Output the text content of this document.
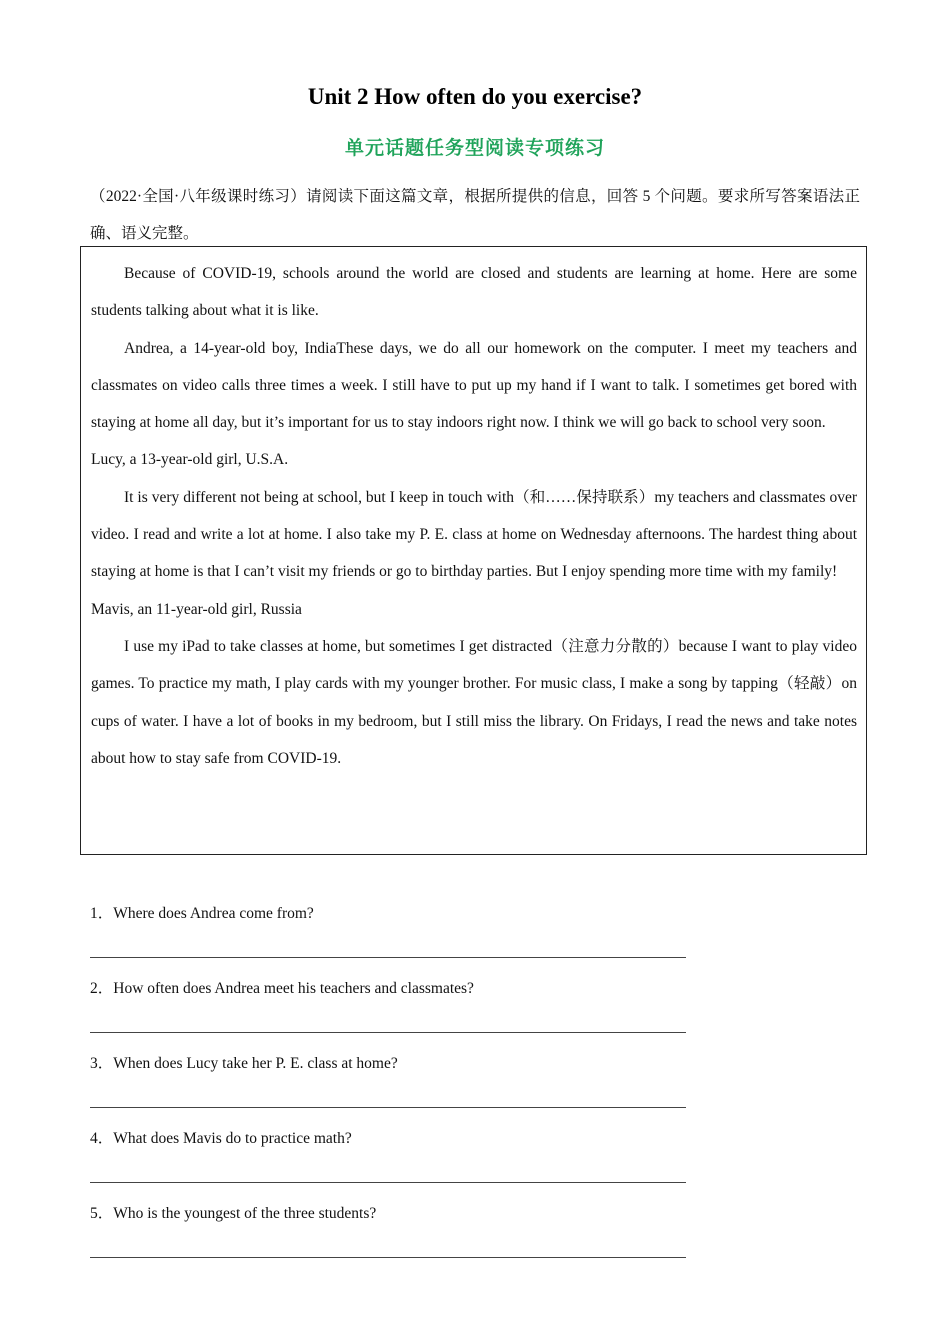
Unit 2 How often do you exercise?
单元话题任务型阅读专项练习
（2022·全国·八年级课时练习）请阅读下面这篇文章，根据所提供的信息，回答 5 个问题。要求所写答案语法正确、语义完整。

Because of COVID-19, schools around the world are closed and students are learning at home. Here are some students talking about what it is like.

Andrea, a 14-year-old boy, IndiaThese days, we do all our homework on the computer. I meet my teachers and classmates on video calls three times a week. I still have to put up my hand if I want to talk. I sometimes get bored with staying at home all day, but it’s important for us to stay indoors right now. I think we will go back to school very soon.

Lucy, a 13-year-old girl, U.S.A.

It is very different not being at school, but I keep in touch with（和……保持联系）my teachers and classmates over video. I read and write a lot at home. I also take my P. E. class at home on Wednesday afternoons. The hardest thing about staying at home is that I can’t visit my friends or go to birthday parties. But I enjoy spending more time with my family!

Mavis, an 11-year-old girl, Russia

I use my iPad to take classes at home, but sometimes I get distracted（注意力分散的）because I want to play video games. To practice my math, I play cards with my younger brother. For music class, I make a song by tapping（轻敲）on cups of water. I have a lot of books in my bedroom, but I still miss the library. On Fridays, I read the news and take notes about how to stay safe from COVID-19.

1．Where does Andrea come from?

2．How often does Andrea meet his teachers and classmates?

3．When does Lucy take her P. E. class at home?

4．What does Mavis do to practice math?

5．Who is the youngest of the three students?
